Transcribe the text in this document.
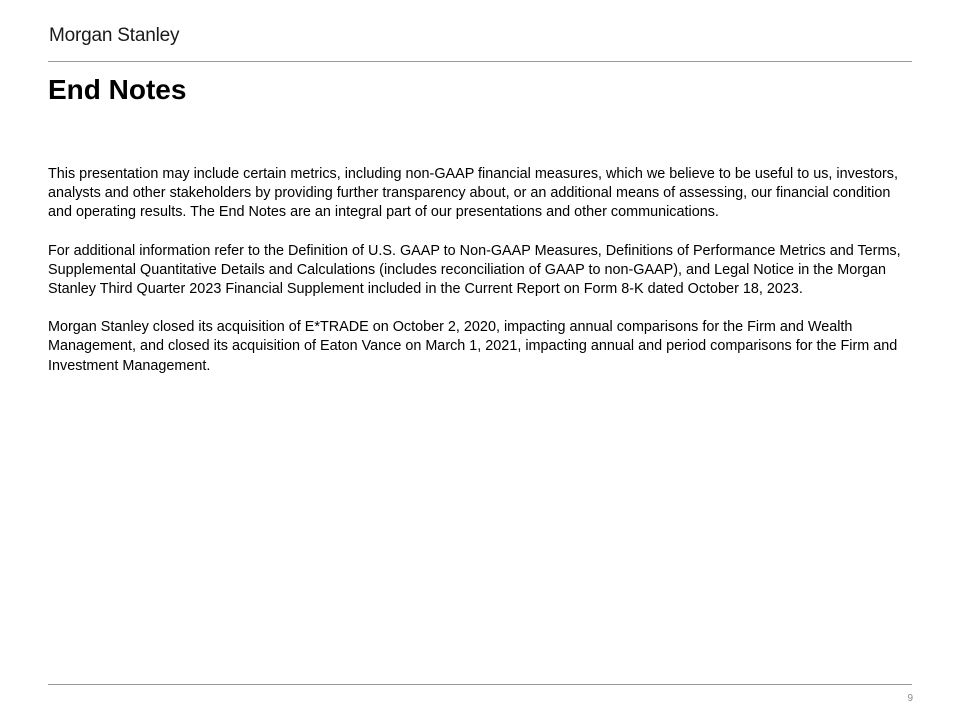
Morgan Stanley
End Notes

This presentation may include certain metrics, including non-GAAP financial measures, which we believe to be useful to us, investors, analysts and other stakeholders by providing further transparency about, or an additional means of assessing, our financial condition and operating results. The End Notes are an integral part of our presentations and other communications.

For additional information refer to the Definition of U.S. GAAP to Non-GAAP Measures, Definitions of Performance Metrics and Terms, Supplemental Quantitative Details and Calculations (includes reconciliation of GAAP to non-GAAP), and Legal Notice in the Morgan Stanley Third Quarter 2023 Financial Supplement included in the Current Report on Form 8-K dated October 18, 2023.

Morgan Stanley closed its acquisition of E*TRADE on October 2, 2020, impacting annual comparisons for the Firm and Wealth Management, and closed its acquisition of Eaton Vance on March 1, 2021, impacting annual and period comparisons for the Firm and Investment Management.

9
